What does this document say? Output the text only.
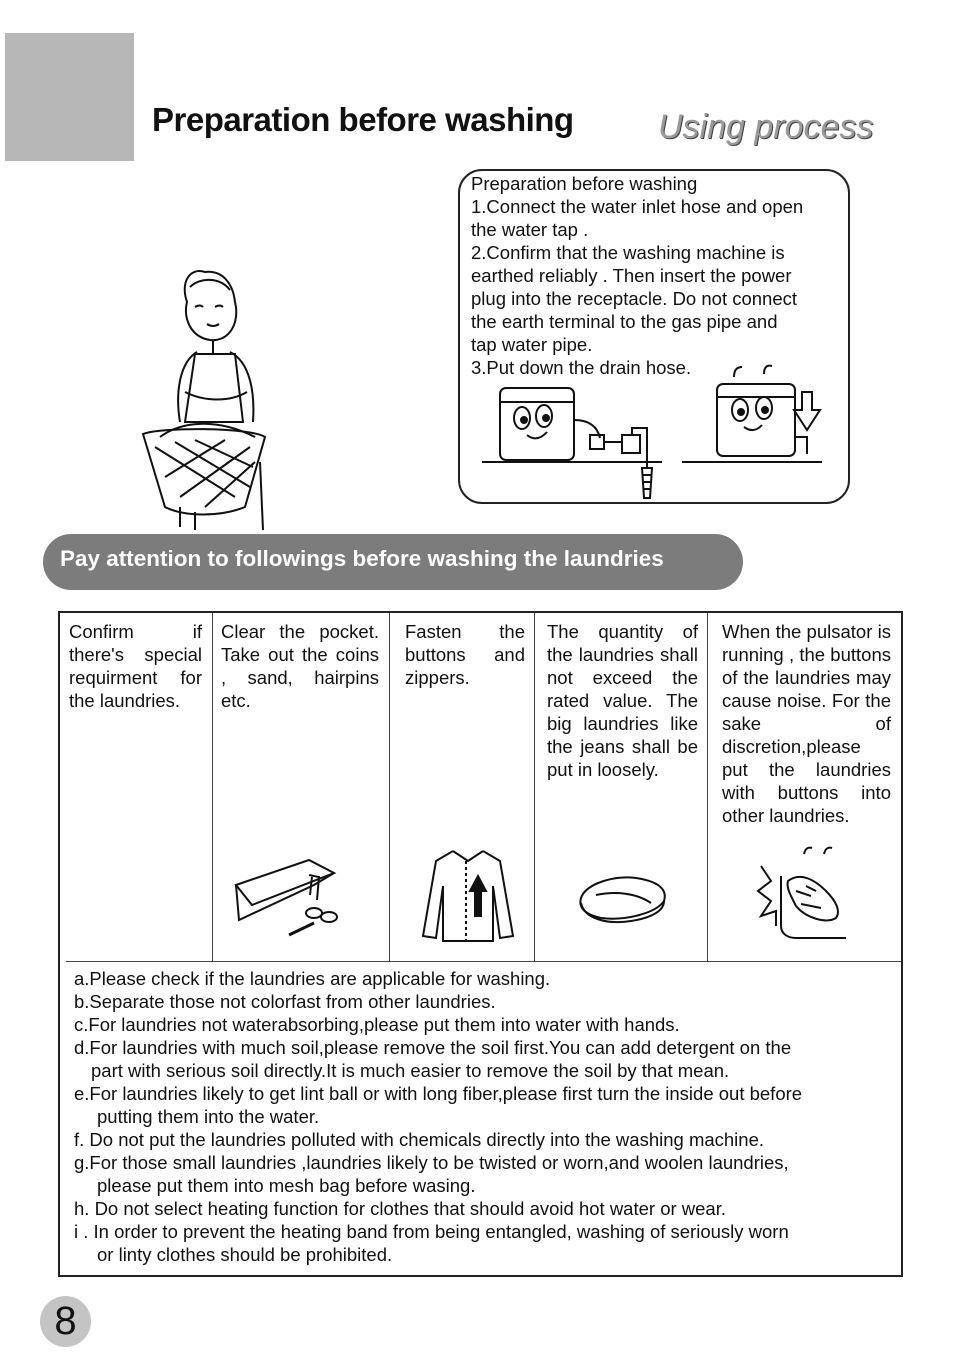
Preparation before washing Using process
Preparation before washing
1.Connect the water inlet hose and open
the water tap .
2.Confirm that the washing machine is
earthed reliably . Then insert the power
plug into the receptacle. Do not connect
the earth terminal to the gas pipe and
tap water pipe.
3.Put down the drain hose.
Pay attention to followings before washing the laundries
Confirm if there's special requirment for the laundries.
Clear the pocket. Take out the coins , sand, hairpins etc.
Fasten the buttons and zippers.
The quantity of the laundries shall not exceed the rated value. The big laundries like the jeans shall be put in loosely.
When the pulsator is running , the buttons of the laundries may cause noise. For the sake of discretion,please put the laundries with buttons into other laundries.
a.Please check if the laundries are applicable for washing.
b.Separate those not colorfast from other laundries.
c.For laundries not waterabsorbing,please put them into water with hands.
d.For laundries with much soil,please remove the soil first.You can add detergent on the
part with serious soil directly.It is much easier to remove the soil by that mean.
e.For laundries likely to get lint ball or with long fiber,please first turn the inside out before
putting them into the water.
f. Do not put the laundries polluted with chemicals directly into the washing machine.
g.For those small laundries ,laundries likely to be twisted or worn,and woolen laundries,
please put them into mesh bag before wasing.
h. Do not select heating function for clothes that should avoid hot water or wear.
i . In order to prevent the heating band from being entangled, washing of seriously worn
or linty clothes should be prohibited.
8
